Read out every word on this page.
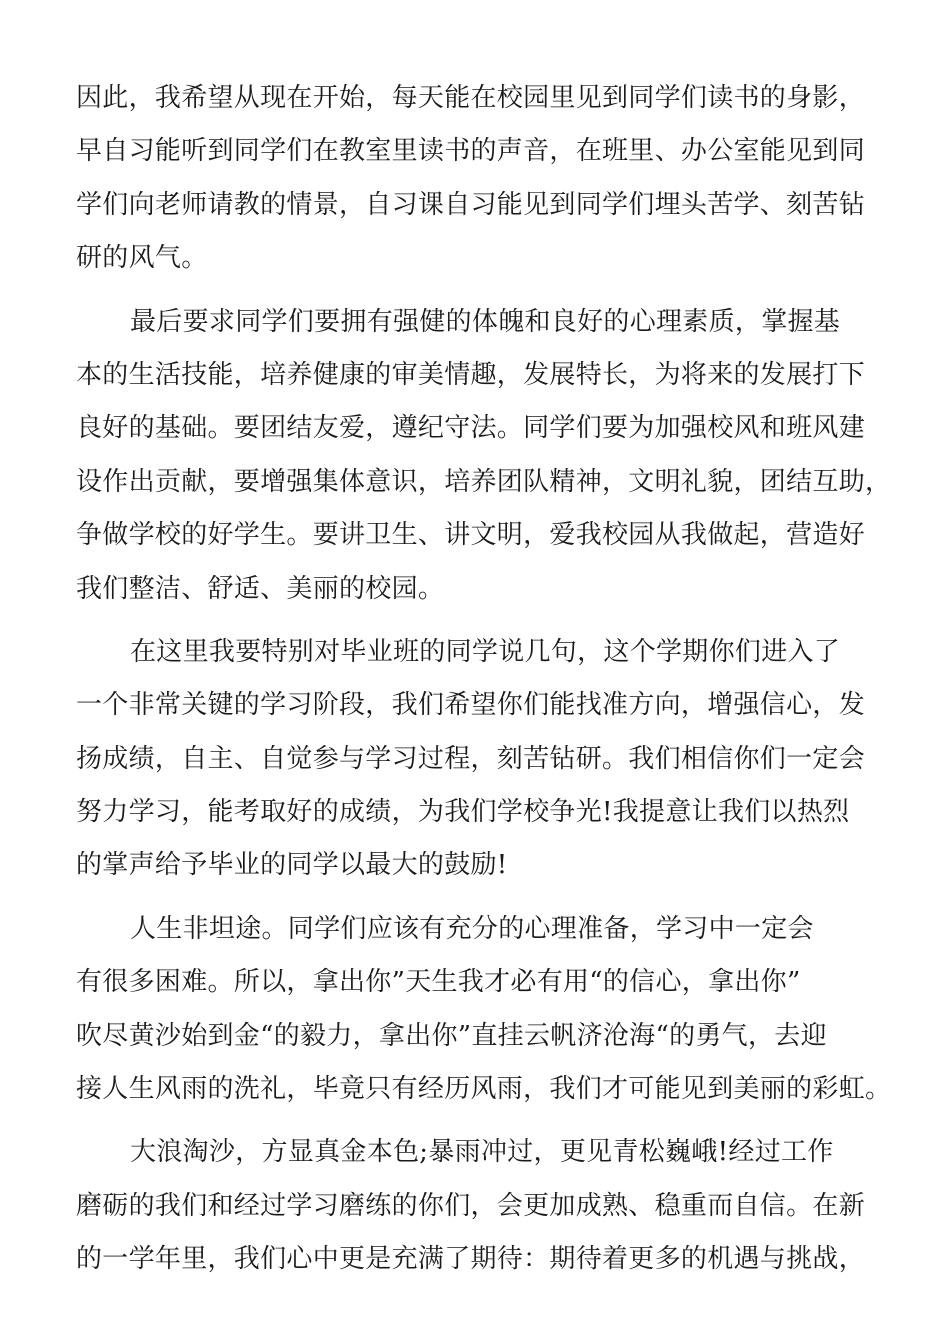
因此，我希望从现在开始，每天能在校园里见到同学们读书的身影，
早自习能听到同学们在教室里读书的声音，在班里、办公室能见到同
学们向老师请教的情景，自习课自习能见到同学们埋头苦学、刻苦钻
研的风气。
最后要求同学们要拥有强健的体魄和良好的心理素质，掌握基
本的生活技能，培养健康的审美情趣，发展特长，为将来的发展打下
良好的基础。要团结友爱，遵纪守法。同学们要为加强校风和班风建
设作出贡献，要增强集体意识，培养团队精神，文明礼貌，团结互助，
争做学校的好学生。要讲卫生、讲文明，爱我校园从我做起，营造好
我们整洁、舒适、美丽的校园。
在这里我要特别对毕业班的同学说几句，这个学期你们进入了
一个非常关键的学习阶段，我们希望你们能找准方向，增强信心，发
扬成绩，自主、自觉参与学习过程，刻苦钻研。我们相信你们一定会
努力学习，能考取好的成绩，为我们学校争光!我提意让我们以热烈
的掌声给予毕业的同学以最大的鼓励!
人生非坦途。同学们应该有充分的心理准备，学习中一定会
有很多困难。所以，拿出你”天生我才必有用“的信心，拿出你”
吹尽黄沙始到金“的毅力，拿出你”直挂云帆济沧海“的勇气，去迎
接人生风雨的洗礼，毕竟只有经历风雨，我们才可能见到美丽的彩虹。
大浪淘沙，方显真金本色;暴雨冲过，更见青松巍峨!经过工作
磨砺的我们和经过学习磨练的你们，会更加成熟、稳重而自信。在新
的一学年里，我们心中更是充满了期待：期待着更多的机遇与挑战，
